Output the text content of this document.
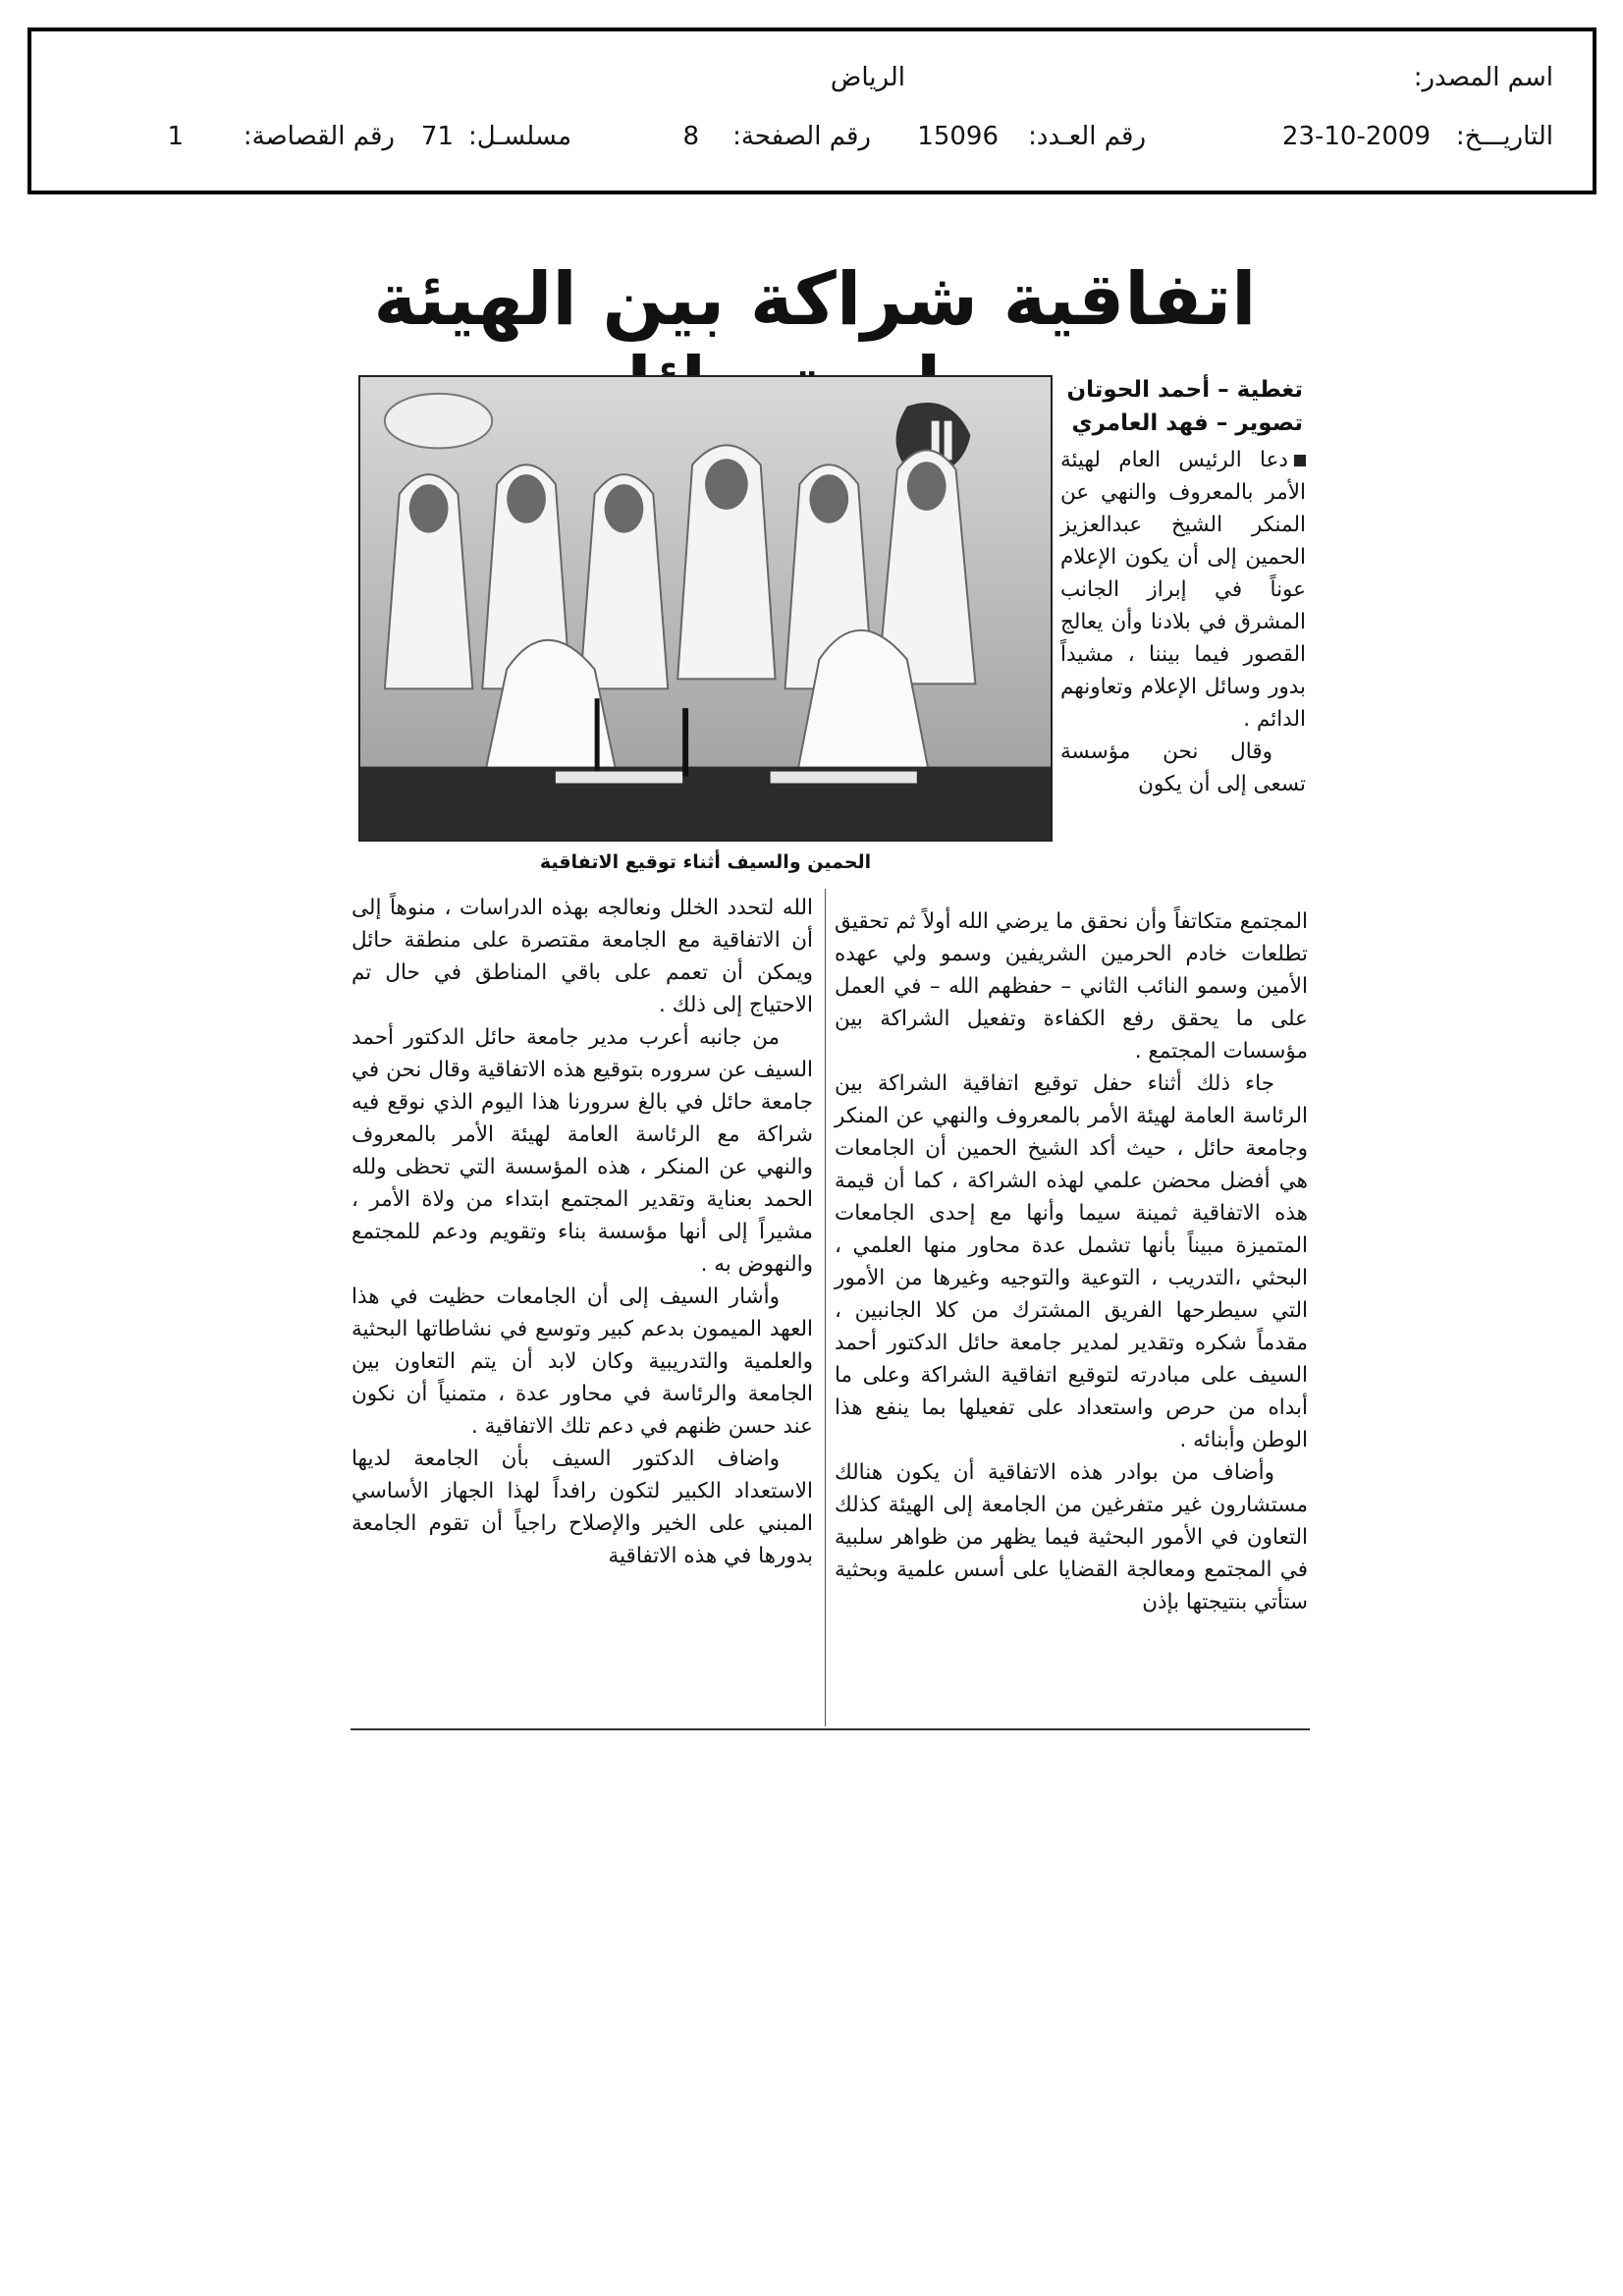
اسم المصدر:
الرياض
التاريـــخ:
23-10-2009
رقم العـدد:
15096
رقم الصفحة:
8
مسلسـل:
71
رقم القصاصة:
1
اتفاقية شراكة بين الهيئة
الحمين والسيف أثناء توقيع الاتفاقية
تغطية – أحمد الحوتان
تصوير – فهد العامري

دعا الرئيس العام لهيئة الأمر بالمعروف والنهي عن المنكر الشيخ عبدالعزيز الحمين إلى أن يكون الإعلام عوناً في إبراز الجانب المشرق في بلادنا وأن يعالج القصور فيما بيننا ، مشيداً بدور وسائل الإعلام وتعاونهم الدائم .

وقال نحن مؤسسة تسعى إلى أن يكون

المجتمع متكاتفاً وأن نحقق ما يرضي الله أولاً ثم تحقيق تطلعات خادم الحرمين الشريفين وسمو ولي عهده الأمين وسمو النائب الثاني – حفظهم الله – في العمل على ما يحقق رفع الكفاءة وتفعيل الشراكة بين مؤسسات المجتمع .

جاء ذلك أثناء حفل توقيع اتفاقية الشراكة بين الرئاسة العامة لهيئة الأمر بالمعروف والنهي عن المنكر وجامعة حائل ، حيث أكد الشيخ الحمين أن الجامعات هي أفضل محضن علمي لهذه الشراكة ، كما أن قيمة هذه الاتفاقية ثمينة سيما وأنها مع إحدى الجامعات المتميزة مبيناً بأنها تشمل عدة محاور منها العلمي ، البحثي ،التدريب ، التوعية والتوجيه وغيرها من الأمور التي سيطرحها الفريق المشترك من كلا الجانبين ، مقدماً شكره وتقدير لمدير جامعة حائل الدكتور أحمد السيف على مبادرته لتوقيع اتفاقية الشراكة وعلى ما أبداه من حرص واستعداد على تفعيلها بما ينفع هذا الوطن وأبنائه .

وأضاف من بوادر هذه الاتفاقية أن يكون هنالك مستشارون غير متفرغين من الجامعة إلى الهيئة كذلك التعاون في الأمور البحثية فيما يظهر من ظواهر سلبية في المجتمع ومعالجة القضايا على أسس علمية وبحثية ستأتي بنتيجتها بإذن

الله لتحدد الخلل ونعالجه بهذه الدراسات ، منوهاً إلى أن الاتفاقية مع الجامعة مقتصرة على منطقة حائل ويمكن أن تعمم على باقي المناطق في حال تم الاحتياج إلى ذلك .

من جانبه أعرب مدير جامعة حائل الدكتور أحمد السيف عن سروره بتوقيع هذه الاتفاقية وقال نحن في جامعة حائل في بالغ سرورنا هذا اليوم الذي نوقع فيه شراكة مع الرئاسة العامة لهيئة الأمر بالمعروف والنهي عن المنكر ، هذه المؤسسة التي تحظى ولله الحمد بعناية وتقدير المجتمع ابتداء من ولاة الأمر ، مشيراً إلى أنها مؤسسة بناء وتقويم ودعم للمجتمع والنهوض به .

وأشار السيف إلى أن الجامعات حظيت في هذا العهد الميمون بدعم كبير وتوسع في نشاطاتها البحثية والعلمية والتدريبية وكان لابد أن يتم التعاون بين الجامعة والرئاسة في محاور عدة ، متمنياً أن نكون عند حسن ظنهم في دعم تلك الاتفاقية .

واضاف الدكتور السيف بأن الجامعة لديها الاستعداد الكبير لتكون رافداً لهذا الجهاز الأساسي المبني على الخير والإصلاح راجياً أن تقوم الجامعة بدورها في هذه الاتفاقية
